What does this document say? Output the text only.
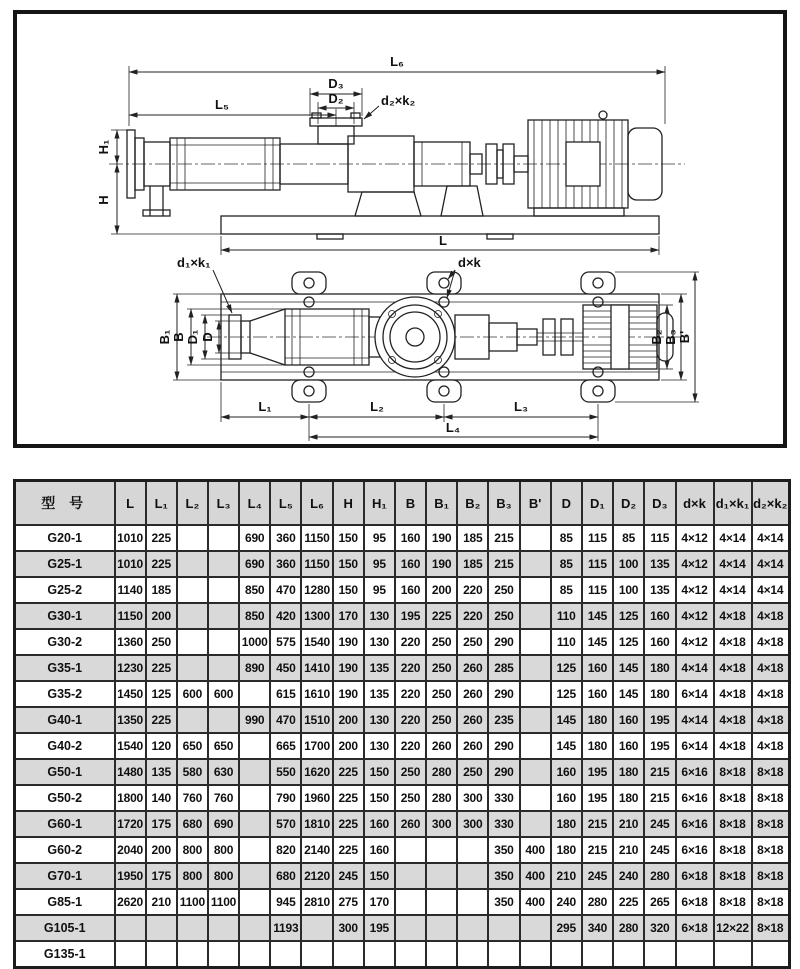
L₆
D₃
D₂
L₅	d₂×k₂
H₁
H
L
B₁ B D₁ D
d₁×k₁	d×k
B₂ B₃ B'
L₁	L₂	L₃
L₄
型 号	L	L₁	L₂	L₃	L₄	L₅	L₆	H	H₁	B	B₁	B₂	B₃	B'	D	D₁	D₂	D₃	d×k	d₁×k₁	d₂×k₂
G20-1	1010	225			690	360	1150	150	95	160	190	185	215		85	115	85	115	4×12	4×14	4×14
G25-1	1010	225			690	360	1150	150	95	160	190	185	215		85	115	100	135	4×12	4×14	4×14
G25-2	1140	185			850	470	1280	150	95	160	200	220	250		85	115	100	135	4×12	4×14	4×14
G30-1	1150	200			850	420	1300	170	130	195	225	220	250		110	145	125	160	4×12	4×18	4×18
G30-2	1360	250			1000	575	1540	190	130	220	250	250	290		110	145	125	160	4×12	4×18	4×18
G35-1	1230	225			890	450	1410	190	135	220	250	260	285		125	160	145	180	4×14	4×18	4×18
G35-2	1450	125	600	600		615	1610	190	135	220	250	260	290		125	160	145	180	6×14	4×18	4×18
G40-1	1350	225			990	470	1510	200	130	220	250	260	235		145	180	160	195	4×14	4×18	4×18
G40-2	1540	120	650	650		665	1700	200	130	220	260	260	290		145	180	160	195	6×14	4×18	4×18
G50-1	1480	135	580	630		550	1620	225	150	250	280	250	290		160	195	180	215	6×16	8×18	8×18
G50-2	1800	140	760	760		790	1960	225	150	250	280	300	330		160	195	180	215	6×16	8×18	8×18
G60-1	1720	175	680	690		570	1810	225	160	260	300	300	330		180	215	210	245	6×16	8×18	8×18
G60-2	2040	200	800	800		820	2140	225	160				350	400	180	215	210	245	6×16	8×18	8×18
G70-1	1950	175	800	800		680	2120	245	150				350	400	210	245	240	280	6×18	8×18	8×18
G85-1	2620	210	1100	1100		945	2810	275	170				350	400	240	280	225	265	6×18	8×18	8×18
G105-1						1193		300	195						295	340	280	320	6×18	12×22	8×18
G135-1																					
